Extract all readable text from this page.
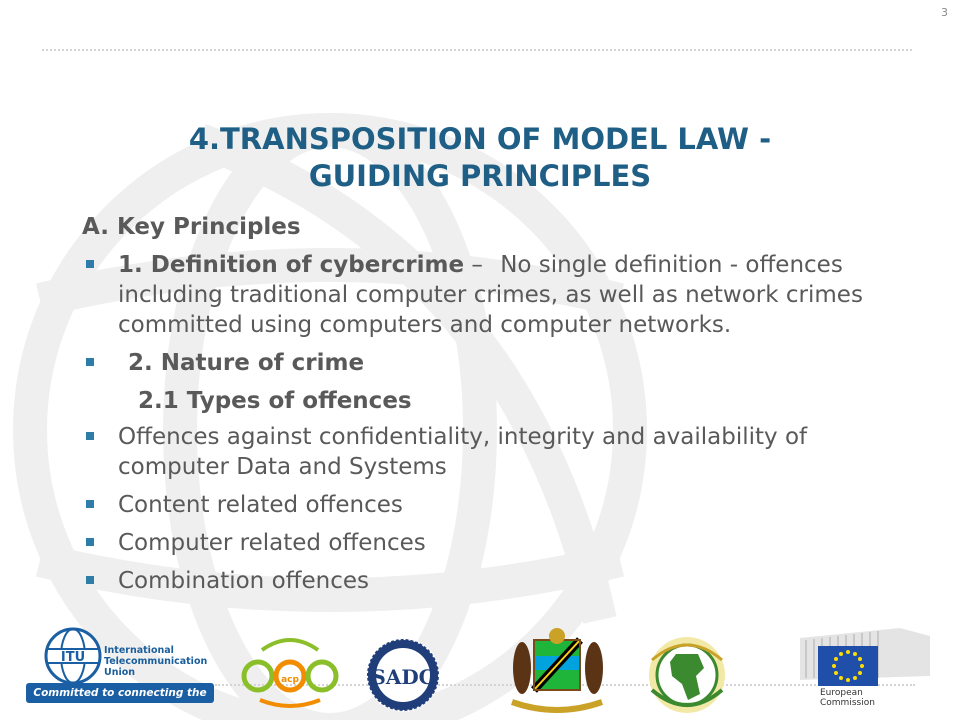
3
4.TRANSPOSITION OF MODEL LAW -
GUIDING PRINCIPLES
A. Key Principles
1. Definition of cybercrime – No single definition - offences including traditional computer crimes, as well as network crimes committed using computers and computer networks.
2. Nature of crime
2.1 Types of offences
Offences against confidentiality, integrity and availability of computer Data and Systems
Content related offences
Computer related offences
Combination offences
ITU International
Telecommunication
Union
Committed to connecting the world
acp	SADC
European
Commission
